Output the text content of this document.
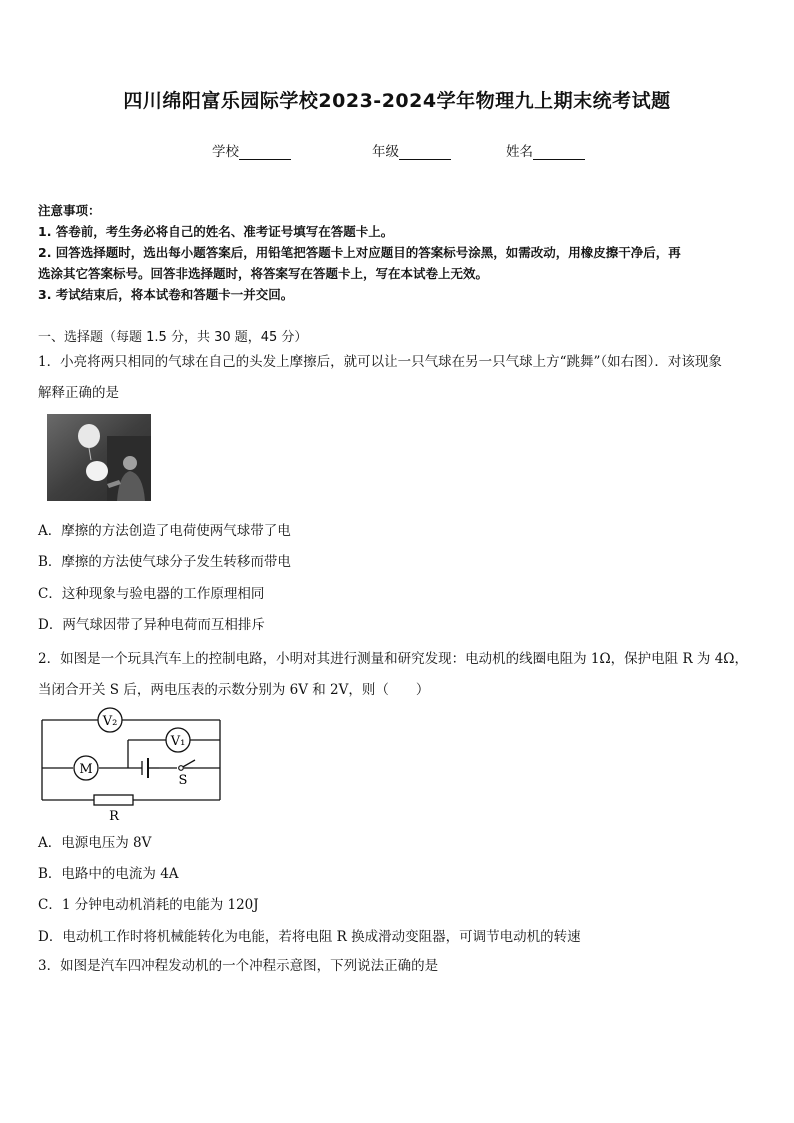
四川绵阳富乐园际学校2023-2024学年物理九上期末统考试题
学校	年级	姓名
注意事项：
1. 答卷前，考生务必将自己的姓名、准考证号填写在答题卡上。
2. 回答选择题时，选出每小题答案后，用铅笔把答题卡上对应题目的答案标号涂黑，如需改动，用橡皮擦干净后，再
选涂其它答案标号。回答非选择题时，将答案写在答题卡上，写在本试卷上无效。
3. 考试结束后，将本试卷和答题卡一并交回。
一、选择题（每题 1.5 分，共 30 题，45 分）
1．小亮将两只相同的气球在自己的头发上摩擦后，就可以让一只气球在另一只气球上方“跳舞”（如右图）．对该现象
解释正确的是
A．摩擦的方法创造了电荷使两气球带了电
B．摩擦的方法使气球分子发生转移而带电
C．这种现象与验电器的工作原理相同
D．两气球因带了异种电荷而互相排斥
2．如图是一个玩具汽车上的控制电路，小明对其进行测量和研究发现：电动机的线圈电阻为 1Ω，保护电阻 R 为 4Ω，
当闭合开关 S 后，两电压表的示数分别为 6V 和 2V，则（　　）
V₂
V₁
M
S
R
A．电源电压为 8V
B．电路中的电流为 4A
C．1 分钟电动机消耗的电能为 120J
D．电动机工作时将机械能转化为电能，若将电阻 R 换成滑动变阻器，可调节电动机的转速
3．如图是汽车四冲程发动机的一个冲程示意图，下列说法正确的是
